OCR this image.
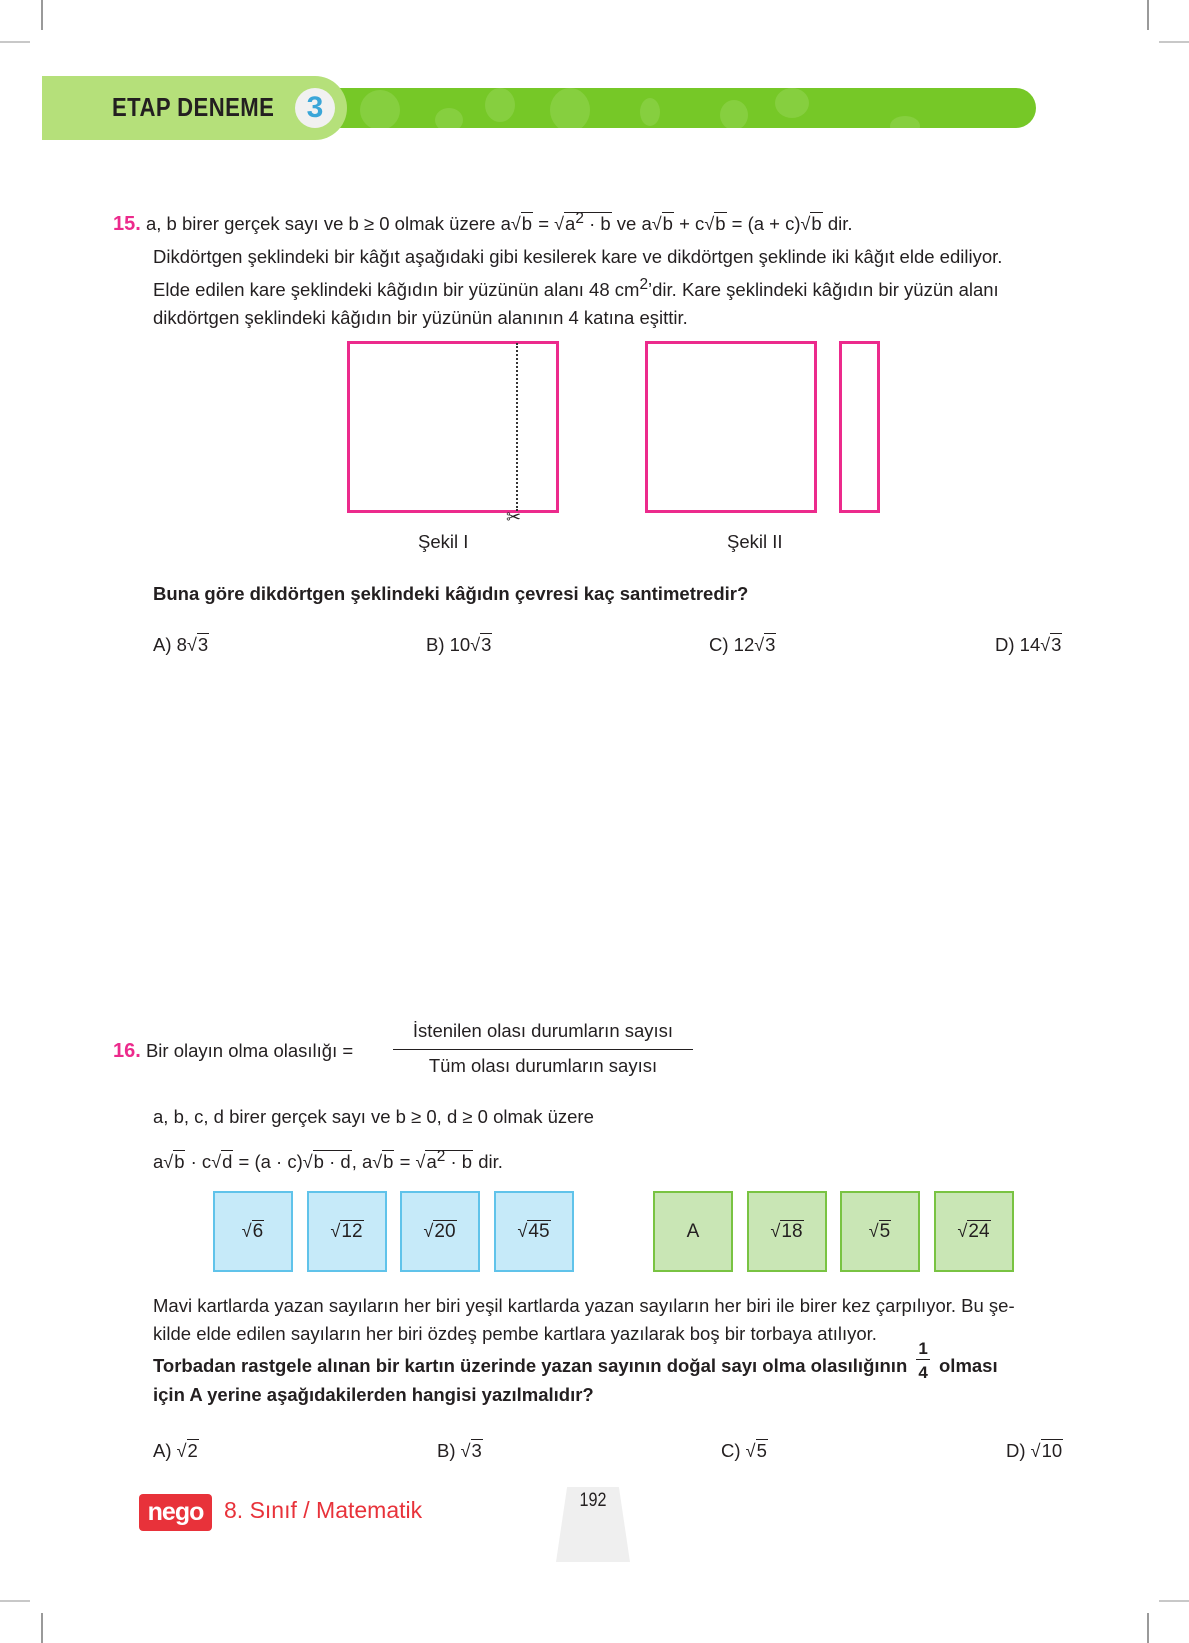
ETAP DENEME	3
15. a, b birer gerçek sayı ve b ≥ 0 olmak üzere $a√b = √a^2 \cdot b$ ve a√b + c√b = (a + c)√b dir.
Dikdörtgen şeklindeki bir kâğıt aşağıdaki gibi kesilerek kare ve dikdörtgen şeklinde iki kâğıt elde ediliyor.
Elde edilen kare şeklindeki kâğıdın bir yüzünün alanı 48 $cm^2’dir$. Kare şeklindeki kâğıdın bir yüzün alanı
dikdörtgen şeklindeki kâğıdın bir yüzünün alanının 4 katına eşittir.
✂
Şekil I	Şekil II
Buna göre dikdörtgen şeklindeki kâğıdın çevresi kaç santimetredir?
A) 8√3	B) 10√3	C) 12√3	D) 14√3
16. Bir olayın olma olasılığı =
İstenilen olası durumların sayısı
Tüm olası durumların sayısı
a, b, c, d birer gerçek sayı ve b ≥ 0, d ≥ 0 olmak üzere
a√b · c√d = (a · c)√b · d, $a√b = √a^2 \cdot b$ dir.
√6	√12	√20	√45	A	√18	√5	√24
Mavi kartlarda yazan sayıların her biri yeşil kartlarda yazan sayıların her biri ile birer kez çarpılıyor. Bu şe-
kilde elde edilen sayıların her biri özdeş pembe kartlara yazılarak boş bir torbaya atılıyor.
Torbadan rastgele alınan bir kartın üzerinde yazan sayının doğal sayı olma olasılığının $\frac{1}{4}$ olması
için A yerine aşağıdakilerden hangisi yazılmalıdır?
A) √2	B) √3	C) √5	D) √10
nego 8. Sınıf / Matematik	192
